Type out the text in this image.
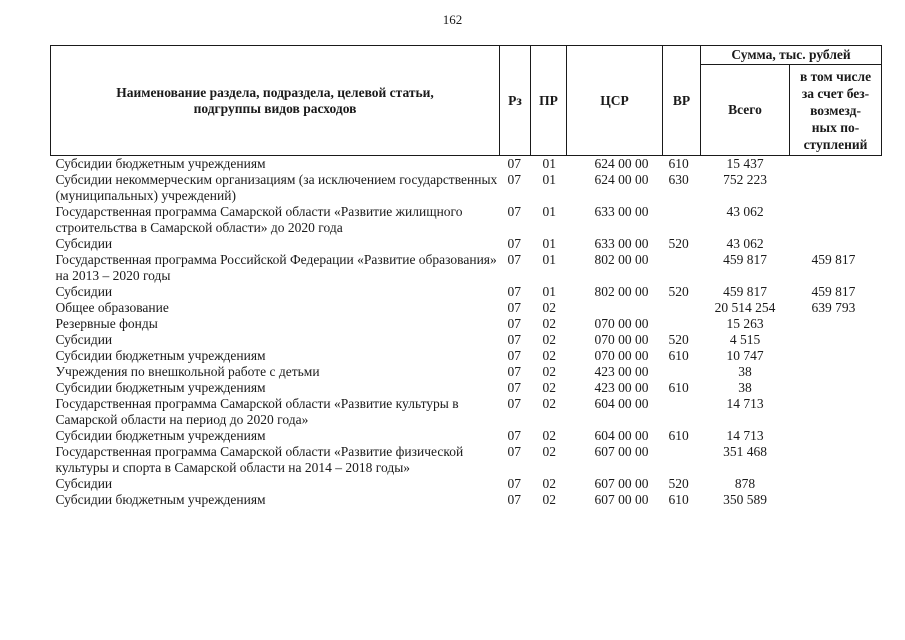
162
Наименование раздела, подраздела, целевой статьи, подгруппы видов расходов	Рз	ПР	ЦСР	ВР	Сумма, тыс. рублей	
					Всего	в том числе
за счет без-
возмезд-
ных по-
ступлений

Субсидии бюджетным учреждениям	07	01	624 00 00	610	15 437	
Субсидии некоммерческим организациям (за исключением государственных (муниципальных) учреждений)	07	01	624 00 00	630	752 223	
Государственная программа Самарской области «Развитие жилищного строительства в Самарской области» до 2020 года	07	01	633 00 00		43 062	
Субсидии	07	01	633 00 00	520	43 062	
Государственная программа Российской Федерации «Развитие образования» на 2013 – 2020 годы	07	01	802 00 00		459 817	459 817
Субсидии	07	01	802 00 00	520	459 817	459 817
Общее образование	07	02			20 514 254	639 793
Резервные фонды	07	02	070 00 00		15 263	
Субсидии	07	02	070 00 00	520	4 515	
Субсидии бюджетным учреждениям	07	02	070 00 00	610	10 747	
Учреждения по внешкольной работе с детьми	07	02	423 00 00		38	
Субсидии бюджетным учреждениям	07	02	423 00 00	610	38	
Государственная программа Самарской области «Развитие культуры в Самарской области на период до 2020 года»	07	02	604 00 00		14 713	
Субсидии бюджетным учреждениям	07	02	604 00 00	610	14 713	
Государственная программа Самарской области «Развитие физической культуры и спорта в Самарской области на 2014 – 2018 годы»	07	02	607 00 00		351 468	
Субсидии	07	02	607 00 00	520	878	
Субсидии бюджетным учреждениям	07	02	607 00 00	610	350 589	
